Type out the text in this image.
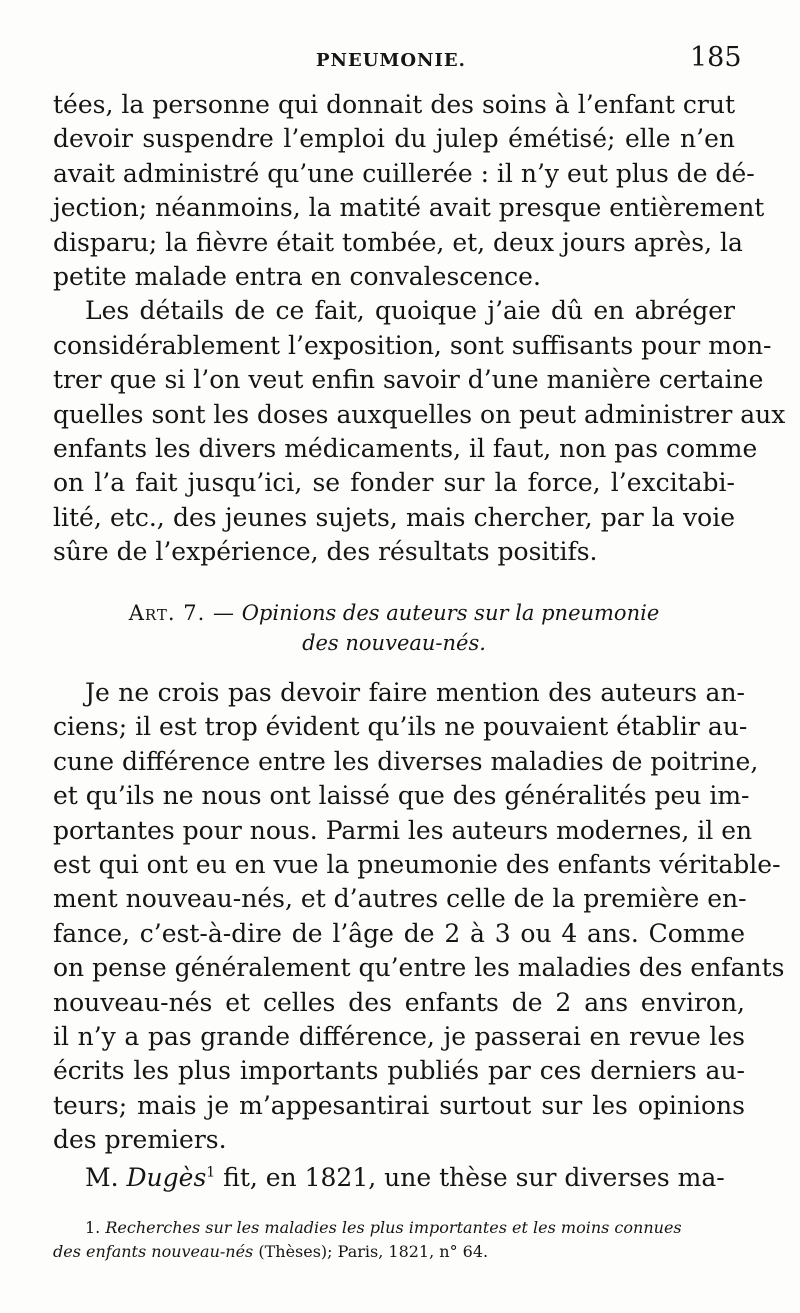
PNEUMONIE.	185
tées, la personne qui donnait des soins à l’enfant crut
devoir suspendre l’emploi du julep émétisé; elle n’en
avait administré qu’une cuillerée : il n’y eut plus de dé-
jection; néanmoins, la matité avait presque entièrement
disparu; la fièvre était tombée, et, deux jours après, la
petite malade entra en convalescence.
Les détails de ce fait, quoique j’aie dû en abréger
considérablement l’exposition, sont suffisants pour mon-
trer que si l’on veut enfin savoir d’une manière certaine
quelles sont les doses auxquelles on peut administrer aux
enfants les divers médicaments, il faut, non pas comme
on l’a fait jusqu’ici, se fonder sur la force, l’excitabi-
lité, etc., des jeunes sujets, mais chercher, par la voie
sûre de l’expérience, des résultats positifs.
Art. 7. — Opinions des auteurs sur la pneumonie
des nouveau-nés.
Je ne crois pas devoir faire mention des auteurs an-
ciens; il est trop évident qu’ils ne pouvaient établir au-
cune différence entre les diverses maladies de poitrine,
et qu’ils ne nous ont laissé que des généralités peu im-
portantes pour nous. Parmi les auteurs modernes, il en
est qui ont eu en vue la pneumonie des enfants véritable-
ment nouveau-nés, et d’autres celle de la première en-
fance, c’est-à-dire de l’âge de 2 à 3 ou 4 ans. Comme
on pense généralement qu’entre les maladies des enfants
nouveau-nés et celles des enfants de 2 ans environ,
il n’y a pas grande différence, je passerai en revue les
écrits les plus importants publiés par ces derniers au-
teurs; mais je m’appesantirai surtout sur les opinions
des premiers.
M. Dugès$^1$ fit, en 1821, une thèse sur diverses ma-
1. Recherches sur les maladies les plus importantes et les moins connues
des enfants nouveau-nés (Thèses); Paris, 1821, n° 64.
